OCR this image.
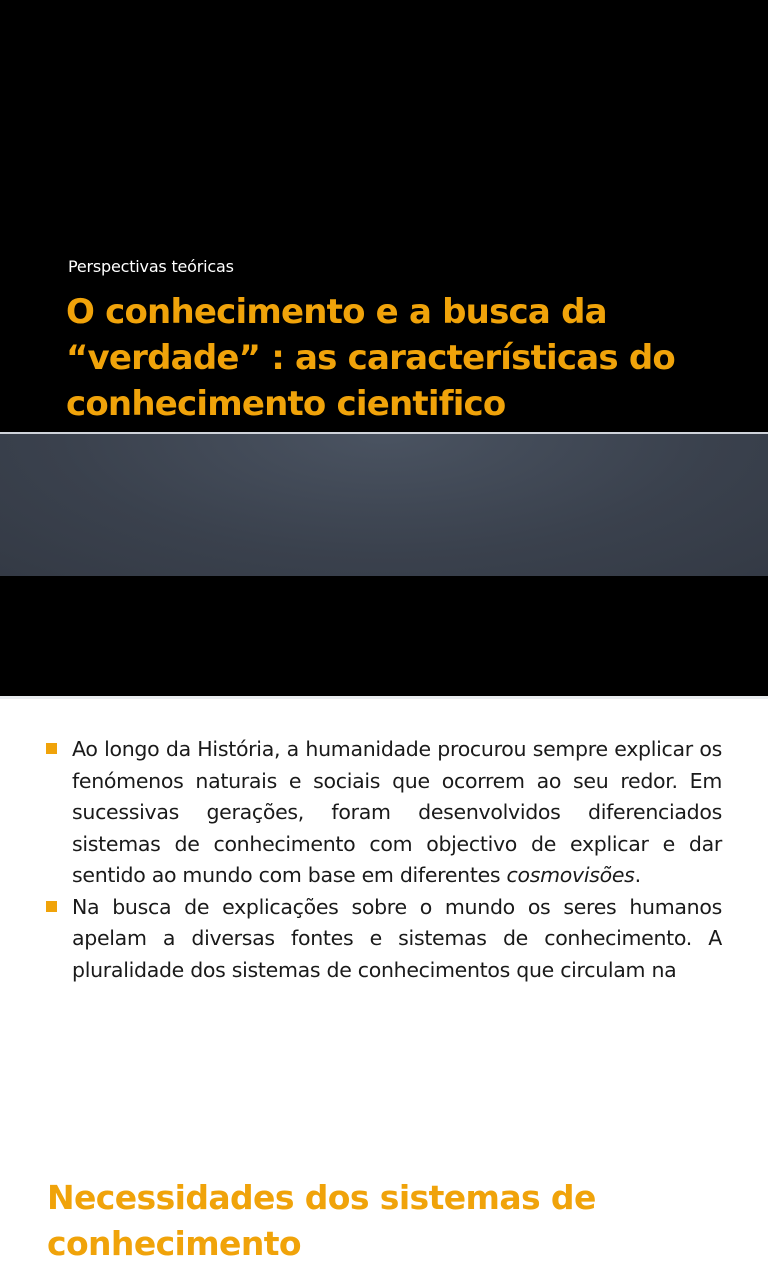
Perspectivas teóricas
O conhecimento e a busca da “verdade” : as características do conhecimento cientifico
Necessidades dos sistemas de conhecimento

Ao longo da História, a humanidade procurou sempre explicar os fenómenos naturais e sociais que ocorrem ao seu redor. Em sucessivas gerações, foram desenvolvidos diferenciados sistemas de conhecimento com objectivo de explicar e dar sentido ao mundo com base em diferentes cosmovisões.

Na busca de explicações sobre o mundo os seres humanos apelam a diversas fontes e sistemas de conhecimento. A pluralidade dos sistemas de conhecimentos que circulam na
